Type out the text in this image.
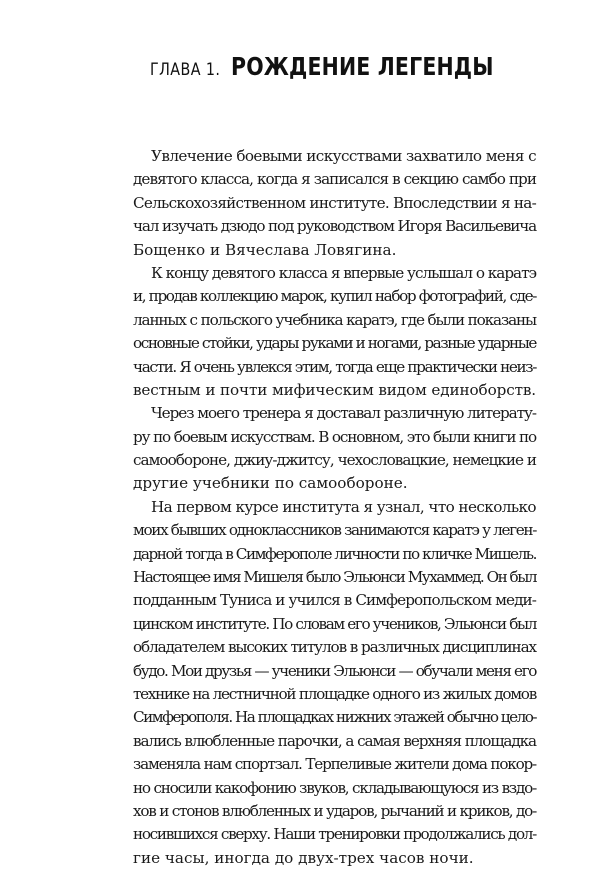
ГЛАВА 1. РОЖДЕНИЕ ЛЕГЕНДЫ
Увлечение боевыми искусствами захватило меня с
девятого класса, когда я записался в секцию самбо при
Сельскохозяйственном институте. Впоследствии я на-
чал изучать дзюдо под руководством Игоря Васильевича
Бощенко и Вячеслава Ловягина.
К концу девятого класса я впервые услышал о каратэ
и, продав коллекцию марок, купил набор фотографий, сде-
ланных с польского учебника каратэ, где были показаны
основные стойки, удары руками и ногами, разные ударные
части. Я очень увлекся этим, тогда еще практически неиз-
вестным и почти мифическим видом единоборств.
Через моего тренера я доставал различную литерату-
ру по боевым искусствам. В основном, это были книги по
самообороне, джиу-джитсу, чехословацкие, немецкие и
другие учебники по самообороне.
На первом курсе института я узнал, что несколько
моих бывших одноклассников занимаются каратэ у леген-
дарной тогда в Симферополе личности по кличке Мишель.
Настоящее имя Мишеля было Эльюнси Мухаммед. Он был
подданным Туниса и учился в Симферопольском меди-
цинском институте. По словам его учеников, Эльюнси был
обладателем высоких титулов в различных дисциплинах
будо. Мои друзья — ученики Эльюнси — обучали меня его
технике на лестничной площадке одного из жилых домов
Симферополя. На площадках нижних этажей обычно цело-
вались влюбленные парочки, а самая верхняя площадка
заменяла нам спортзал. Терпеливые жители дома покор-
но сносили какофонию звуков, складывающуюся из вздо-
хов и стонов влюбленных и ударов, рычаний и криков, до-
носившихся сверху. Наши тренировки продолжались дол-
гие часы, иногда до двух-трех часов ночи.
